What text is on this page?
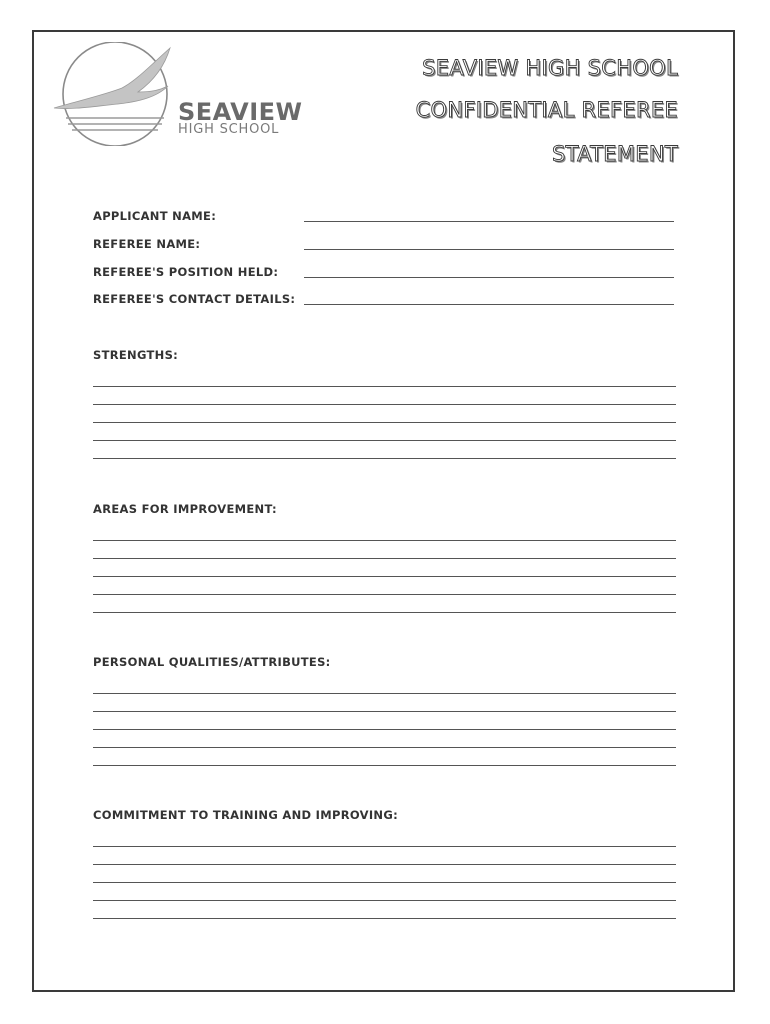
SEAVIEW
HIGH SCHOOL
SEAVIEW HIGH SCHOOL
CONFIDENTIAL REFEREE
STATEMENT
APPLICANT NAME:
REFEREE NAME:
REFEREE'S POSITION HELD:
REFEREE'S CONTACT DETAILS:
STRENGTHS:
AREAS FOR IMPROVEMENT:
PERSONAL QUALITIES/ATTRIBUTES:
COMMITMENT TO TRAINING AND IMPROVING:
